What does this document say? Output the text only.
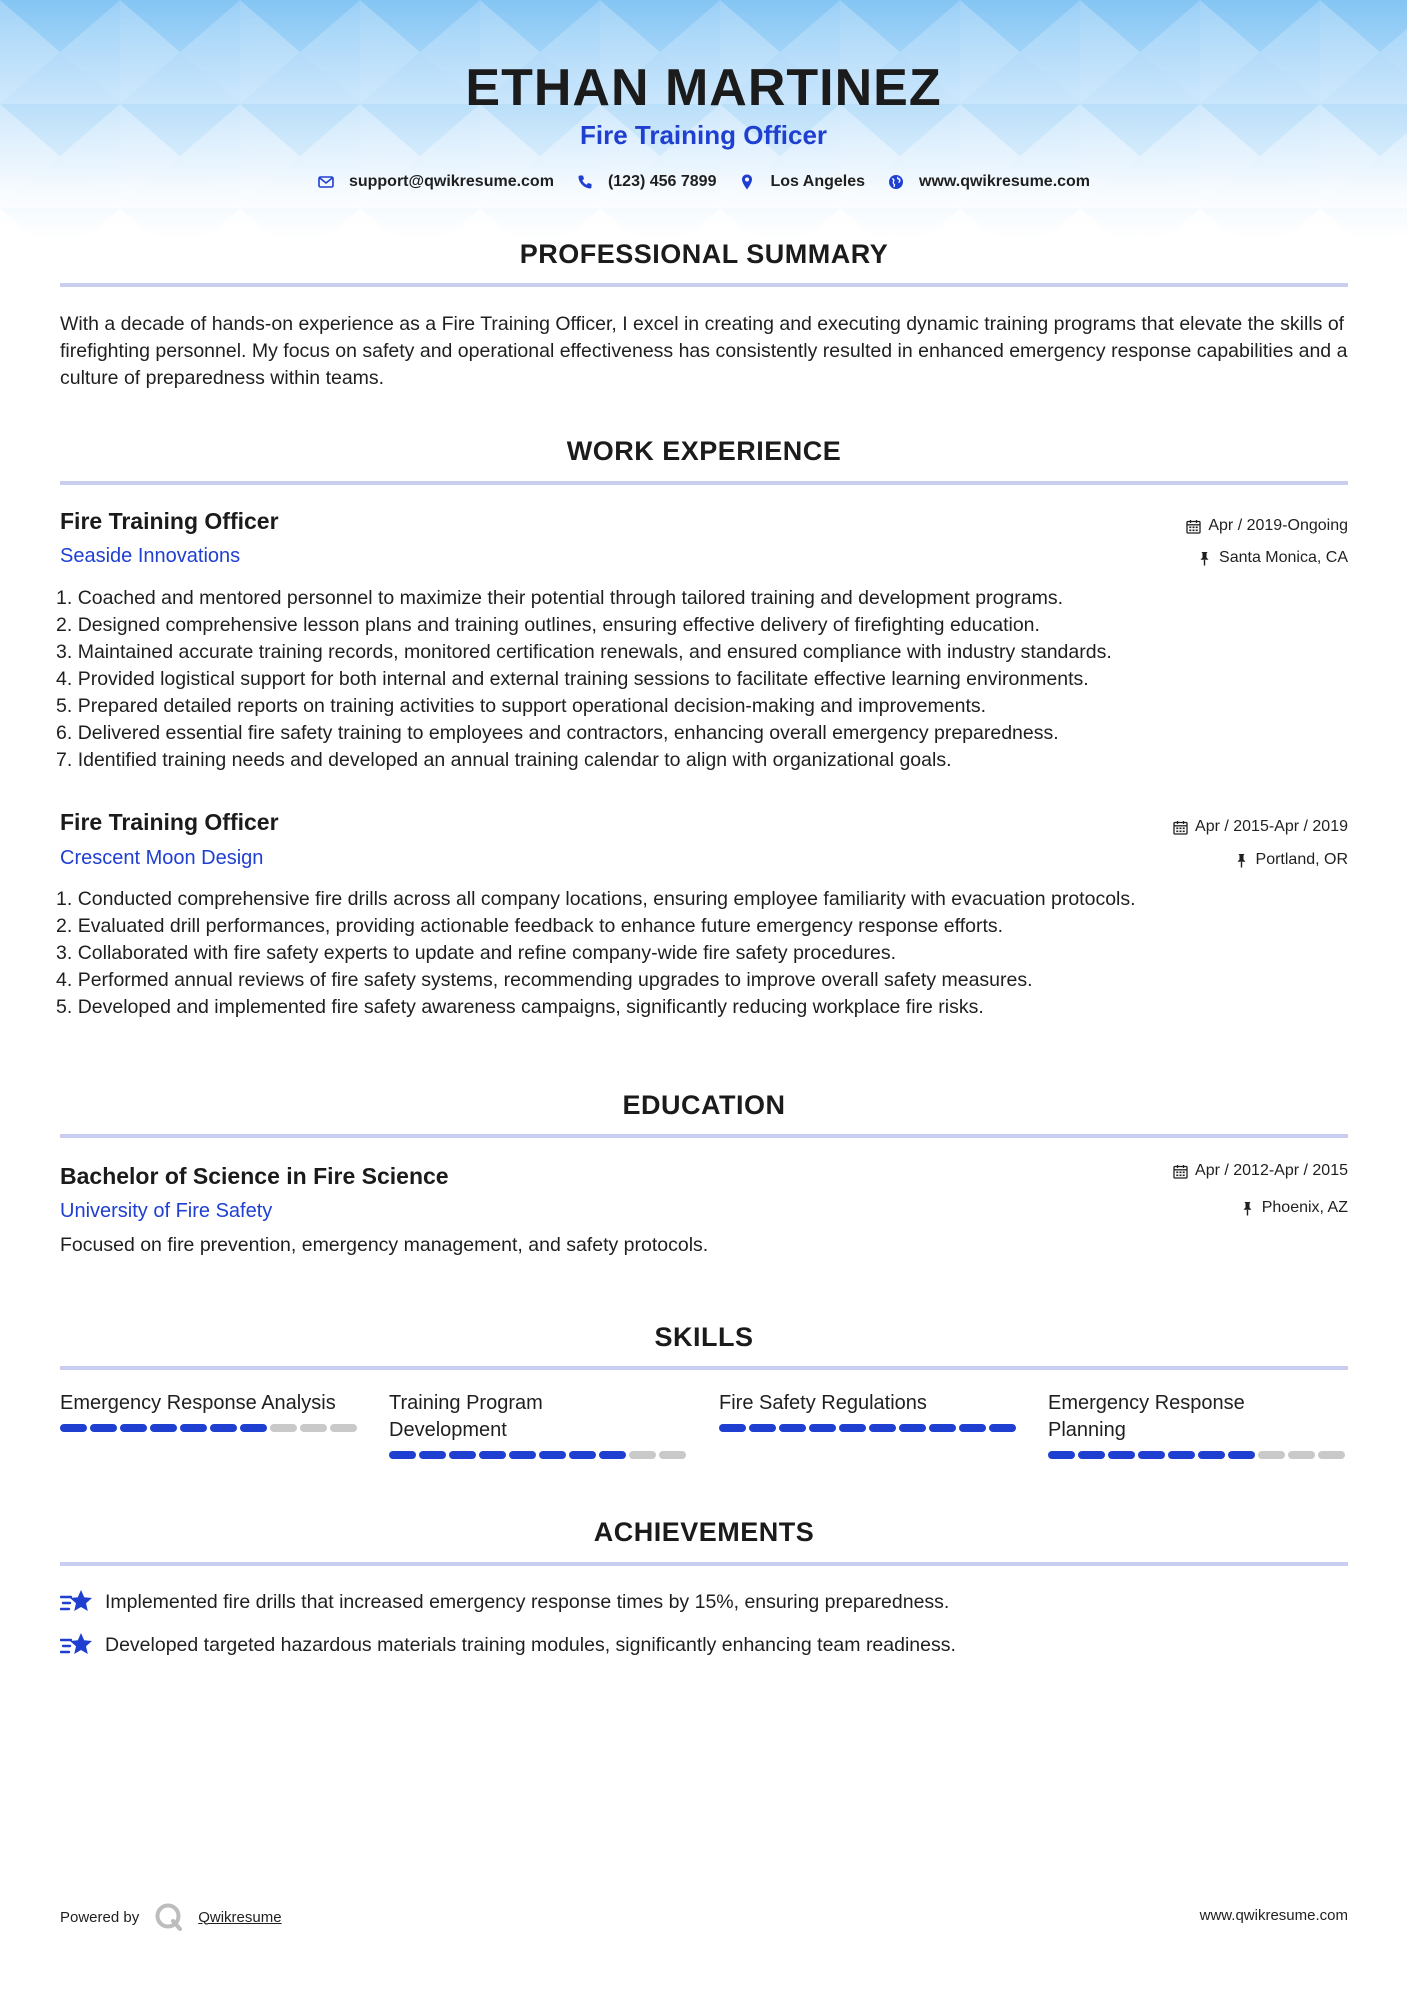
ETHAN MARTINEZ
Fire Training Officer
support@qwikresume.com	(123) 456 7899	Los Angeles	www.qwikresume.com
PROFESSIONAL SUMMARY
With a decade of hands-on experience as a Fire Training Officer, I excel in creating and executing dynamic training programs that elevate the skills of firefighting personnel. My focus on safety and operational effectiveness has consistently resulted in enhanced emergency response capabilities and a culture of preparedness within teams.
WORK EXPERIENCE
Fire Training Officer
Seaside Innovations
Apr / 2019-Ongoing
Santa Monica, CA
Coached and mentored personnel to maximize their potential through tailored training and development programs.
Designed comprehensive lesson plans and training outlines, ensuring effective delivery of firefighting education.
Maintained accurate training records, monitored certification renewals, and ensured compliance with industry standards.
Provided logistical support for both internal and external training sessions to facilitate effective learning environments.
Prepared detailed reports on training activities to support operational decision-making and improvements.
Delivered essential fire safety training to employees and contractors, enhancing overall emergency preparedness.
Identified training needs and developed an annual training calendar to align with organizational goals.
Fire Training Officer
Crescent Moon Design
Apr / 2015-Apr / 2019
Portland, OR
Conducted comprehensive fire drills across all company locations, ensuring employee familiarity with evacuation protocols.
Evaluated drill performances, providing actionable feedback to enhance future emergency response efforts.
Collaborated with fire safety experts to update and refine company-wide fire safety procedures.
Performed annual reviews of fire safety systems, recommending upgrades to improve overall safety measures.
Developed and implemented fire safety awareness campaigns, significantly reducing workplace fire risks.
EDUCATION
Bachelor of Science in Fire Science
University of Fire Safety
Apr / 2012-Apr / 2015
Phoenix, AZ
Focused on fire prevention, emergency management, and safety protocols.
SKILLS
Emergency Response Analysis	Training Program Development
Fire Safety Regulations	Emergency Response Planning
ACHIEVEMENTS
Implemented fire drills that increased emergency response times by 15%, ensuring preparedness.
Developed targeted hazardous materials training modules, significantly enhancing team readiness.
Powered by	Qwikresume	www.qwikresume.com
